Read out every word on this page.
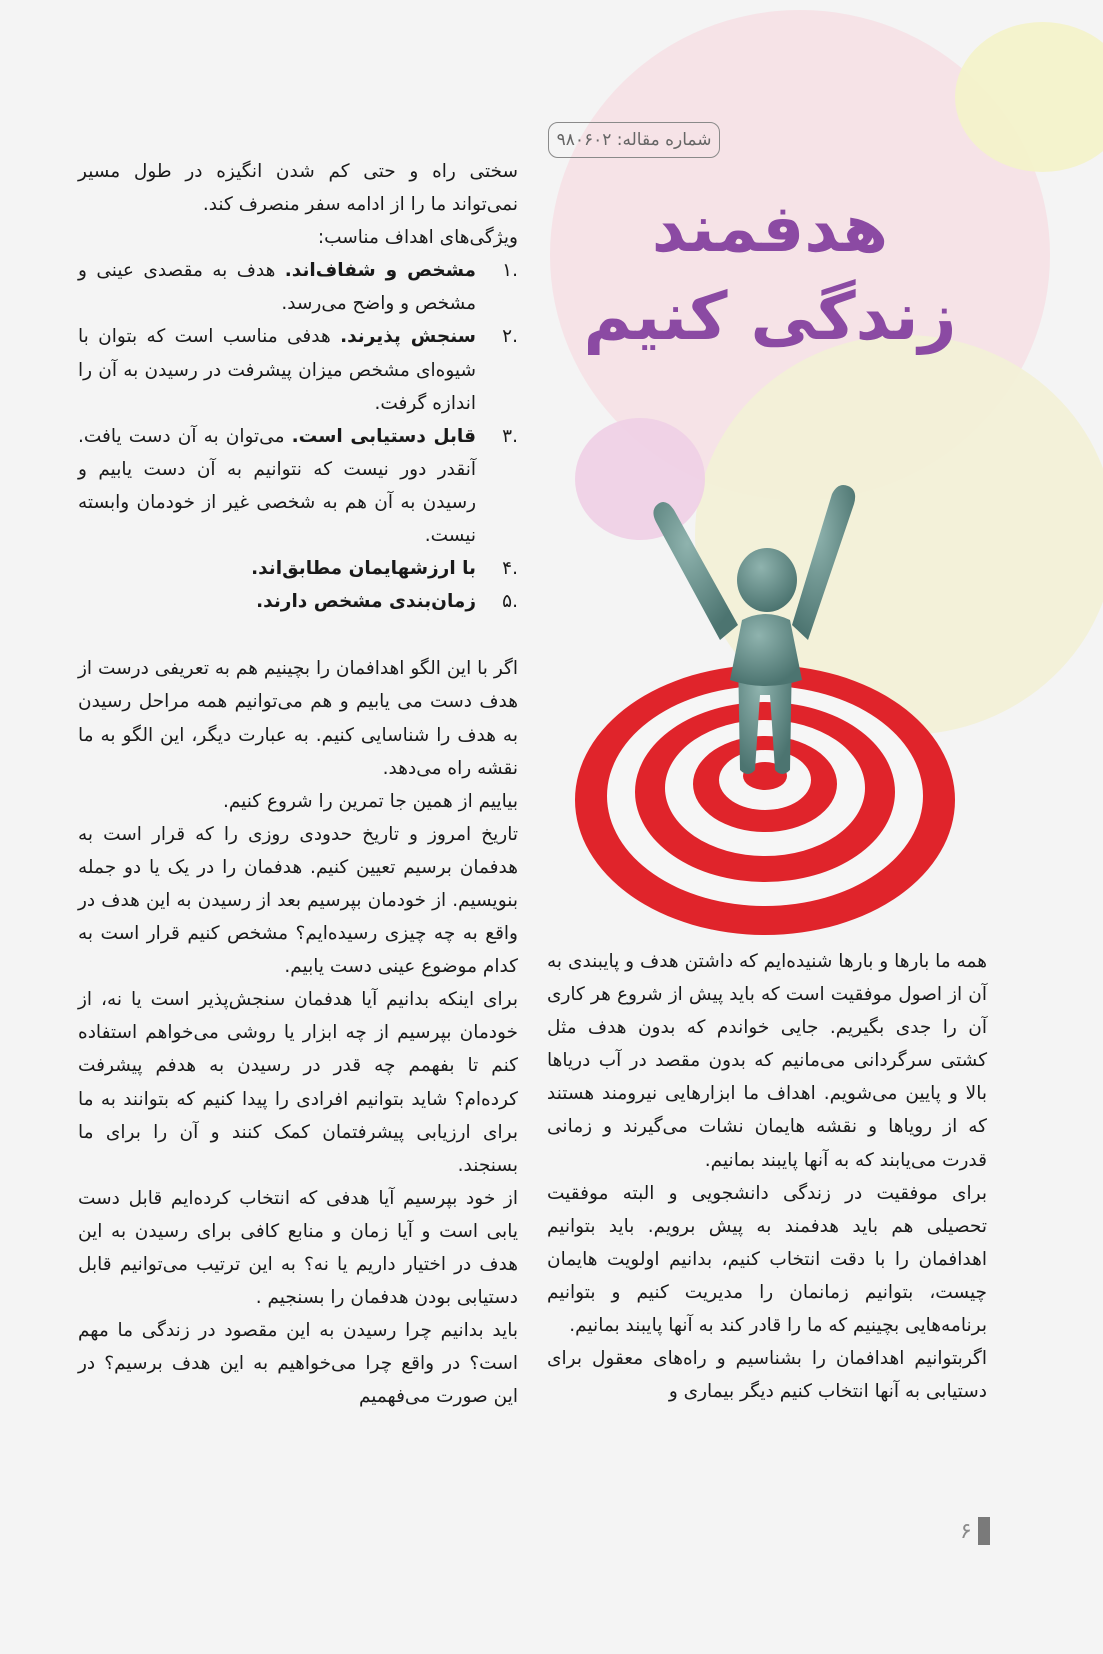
شماره مقاله: ۹۸۰۶۰۲
هدفمند
زندگی کنیم

سختی راه و حتی کم شدن انگیزه در طول مسیر نمی‌تواند ما را از ادامه سفر منصرف کند.

ویژگی‌های اهداف مناسب:

.۱
مشخص و شفاف‌اند. هدف به مقصدی عینی و مشخص و واضح می‌رسد.
.۲
سنجش پذیرند. هدفی مناسب است که بتوان با شیوه‌ای مشخص میزان پیشرفت در رسیدن به آن را اندازه گرفت.
.۳
قابل دستیابی است. می‌توان به آن دست یافت. آنقدر دور نیست که نتوانیم به آن دست یابیم و رسیدن به آن هم به شخصی غیر از خودمان وابسته نیست.
.۴
با ارزشهایمان مطابق‌اند.
.۵
زمان‌بندی مشخص دارند.

اگر با این الگو اهدافمان را بچینیم هم به تعریفی درست از هدف دست می یابیم و هم می‌توانیم همه مراحل رسیدن به هدف را شناسایی کنیم. به عبارت دیگر، این الگو به ما نقشه راه می‌دهد.

بیاییم از همین جا تمرین را شروع کنیم.

تاریخ امروز و تاریخ حدودی روزی را که قرار است به هدفمان برسیم تعیین کنیم. هدفمان را در یک یا دو جمله بنویسیم. از خودمان بپرسیم بعد از رسیدن به این هدف در واقع به چه چیزی رسیده‌ایم؟ مشخص کنیم قرار است به کدام موضوع عینی دست یابیم.

برای اینکه بدانیم آیا هدفمان سنجش‌پذیر است یا نه، از خودمان بپرسیم از چه ابزار یا روشی می‌خواهم استفاده کنم تا بفهمم چه قدر در رسیدن به هدفم پیشرفت کرده‌ام؟ شاید بتوانیم افرادی را پیدا کنیم که بتوانند به ما برای ارزیابی پیشرفتمان کمک کنند و آن را برای ما بسنجند.

از خود بپرسیم آیا هدفی که انتخاب کرده‌ایم قابل دست یابی است و آیا زمان و منابع کافی برای رسیدن به این هدف در اختیار داریم یا نه؟ به این ترتیب می‌توانیم قابل دستیابی بودن هدفمان را بسنجیم .

باید بدانیم چرا رسیدن به این مقصود در زندگی ما مهم است؟ در واقع چرا می‌خواهیم به این هدف برسیم؟ در این صورت می‌فهمیم

همه ما بارها و بارها شنیده‌ایم که داشتن هدف و پایبندی به آن از اصول موفقیت است که باید پیش از شروع هر کاری آن را جدی بگیریم. جایی خواندم که بدون هدف مثل کشتی سرگردانی می‌مانیم که بدون مقصد در آب دریاها بالا و پایین می‌شویم. اهداف ما ابزارهایی نیرومند هستند که از رویاها و نقشه هایمان نشات می‌گیرند و زمانی قدرت می‌یابند که به آنها پایبند بمانیم.

برای موفقیت در زندگی دانشجویی و البته موفقیت تحصیلی هم باید هدفمند به پیش برویم. باید بتوانیم اهدافمان را با دقت انتخاب کنیم، بدانیم اولویت هایمان چیست، بتوانیم زمانمان را مدیریت کنیم و بتوانیم برنامه‌هایی بچینیم که ما را قادر کند به آنها پایبند بمانیم.

اگربتوانیم اهدافمان را بشناسیم و راه‌های معقول برای دستیابی به آنها انتخاب کنیم دیگر بیماری و

۶
